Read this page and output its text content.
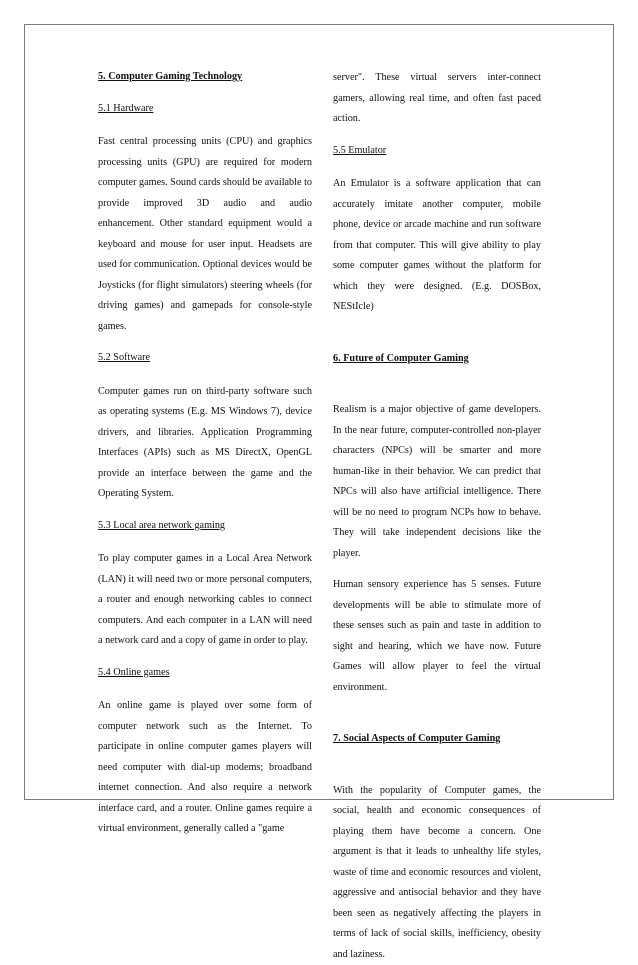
5. Computer Gaming Technology

5.1 Hardware

Fast central processing units (CPU) and graphics processing units (GPU) are required for modern computer games. Sound cards should be available to provide improved 3D audio and audio enhancement. Other standard equipment would a keyboard and mouse for user input. Headsets are used for communication. Optional devices would be Joysticks (for flight simulators) steering wheels (for driving games) and gamepads for console-style games.

5.2 Software

Computer games run on third-party software such as operating systems (E.g. MS Windows 7), device drivers, and libraries. Application Programming Interfaces (APIs) such as MS DirectX, OpenGL provide an interface between the game and the Operating System.

5.3 Local area network gaming

To play computer games in a Local Area Network (LAN) it will need two or more personal computers, a router and enough networking cables to connect computers. And each computer in a LAN will need a network card and a copy of game in order to play.

5.4 Online games

An online game is played over some form of computer network such as the Internet. To participate in online computer games players will need computer with dial-up modems; broadband internet connection. And also require a network interface card, and a router. Online games require a virtual environment, generally called a "game

server". These virtual servers inter-connect gamers, allowing real time, and often fast paced action.

5.5 Emulator

An Emulator is a software application that can accurately imitate another computer, mobile phone, device or arcade machine and run software from that computer. This will give ability to play some computer games without the platform for which they were designed. (E.g. DOSBox, NEStIcle)

6. Future of Computer Gaming

Realism is a major objective of game developers. In the near future, computer-controlled non-player characters (NPCs) will be smarter and more human-like in their behavior. We can predict that NPCs will also have artificial intelligence. There will be no need to program NCPs how to behave. They will take independent decisions like the player.

Human sensory experience has 5 senses. Future developments will be able to stimulate more of these senses such as pain and taste in addition to sight and hearing, which we have now. Future Games will allow player to feel the virtual environment.

7. Social Aspects of Computer Gaming

With the popularity of Computer games, the social, health and economic consequences of playing them have become a concern. One argument is that it leads to unhealthy life styles, waste of time and economic resources and violent, aggressive and antisocial behavior and they have been seen as negatively affecting the players in terms of lack of social skills, inefficiency, obesity and laziness.
